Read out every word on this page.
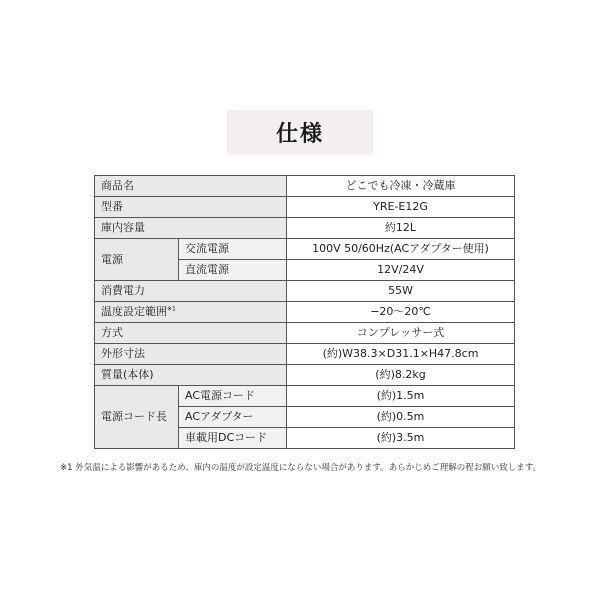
仕様
商品名		どこでも冷凍・冷蔵庫
型番		YRE-E12G
庫内容量		約12L
電源	交流電源	100V 50/60Hz(ACアダプター使用)
	直流電源	12V/24V
消費電力		55W
温度設定範囲$^{※1}$		−20〜20℃
方式		コンプレッサー式
外形寸法		(約)W38.3×D31.1×H47.8cm
質量(本体)		(約)8.2kg
電源コード長	AC電源コード	(約)1.5m
	ACアダプター	(約)0.5m
	車載用DCコード	(約)3.5m
※1 外気温による影響があるため、庫内の温度が設定温度にならない場合があります。あらかじめご理解の程お願い致します。
